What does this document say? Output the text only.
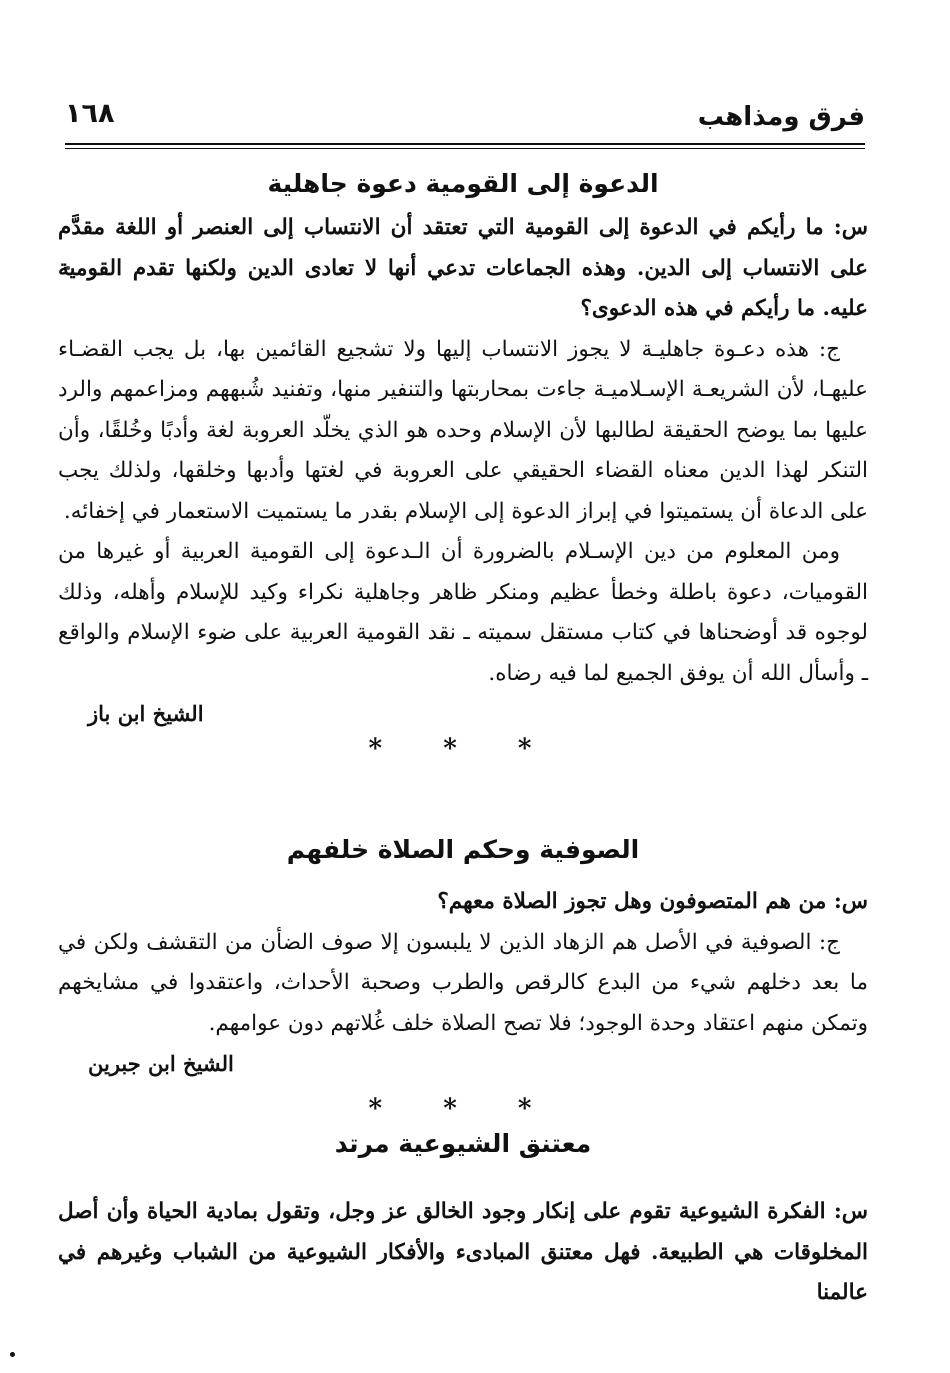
فرق ومذاهب
١٦٨
الدعوة إلى القومية دعوة جاهلية

س: ما رأيكم في الدعوة إلى القومية التي تعتقد أن الانتساب إلى العنصر أو اللغة مقدَّم على الانتساب إلى الدين. وهذه الجماعات تدعي أنها لا تعادى الدين ولكنها تقدم القومية عليه. ما رأيكم في هذه الدعوى؟

ج: هذه دعـوة جاهليـة لا يجوز الانتساب إليها ولا تشجيع القائمين بها، بل يجب القضـاء عليهـا، لأن الشريعـة الإسـلاميـة جاءت بمحاربتها والتنفير منها، وتفنيد شُبههم ومزاعمهم والرد عليها بما يوضح الحقيقة لطالبها لأن الإسلام وحده هو الذي يخلّد العروبة لغة وأدبًا وخُلقًا، وأن التنكر لهذا الدين معناه القضاء الحقيقي على العروبة في لغتها وأدبها وخلقها، ولذلك يجب على الدعاة أن يستميتوا في إبراز الدعوة إلى الإسلام بقدر ما يستميت الاستعمار في إخفائه.

ومن المعلوم من دين الإسـلام بالضرورة أن الـدعوة إلى القومية العربية أو غيرها من القوميات، دعوة باطلة وخطأ عظيم ومنكر ظاهر وجاهلية نكراء وكيد للإسلام وأهله، وذلك لوجوه قد أوضحناها في كتاب مستقل سميته ـ نقد القومية العربية على ضوء الإسلام والواقع ـ وأسأل الله أن يوفق الجميع لما فيه رضاه.

الشيخ ابن باز

* * *

الصوفية وحكم الصلاة خلفهم

س: من هم المتصوفون وهل تجوز الصلاة معهم؟

ج: الصوفية في الأصل هم الزهاد الذين لا يلبسون إلا صوف الضأن من التقشف ولكن في ما بعد دخلهم شيء من البدع كالرقص والطرب وصحبة الأحداث، واعتقدوا في مشايخهم وتمكن منهم اعتقاد وحدة الوجود؛ فلا تصح الصلاة خلف غُلاتهم دون عوامهم.

الشيخ ابن جبرين

* * *

معتنق الشيوعية مرتد

س: الفكرة الشيوعية تقوم على إنكار وجود الخالق عز وجل، وتقول بمادية الحياة وأن أصل المخلوقات هي الطبيعة. فهل معتنق المبادىء والأفكار الشيوعية من الشباب وغيرهم في عالمنا
